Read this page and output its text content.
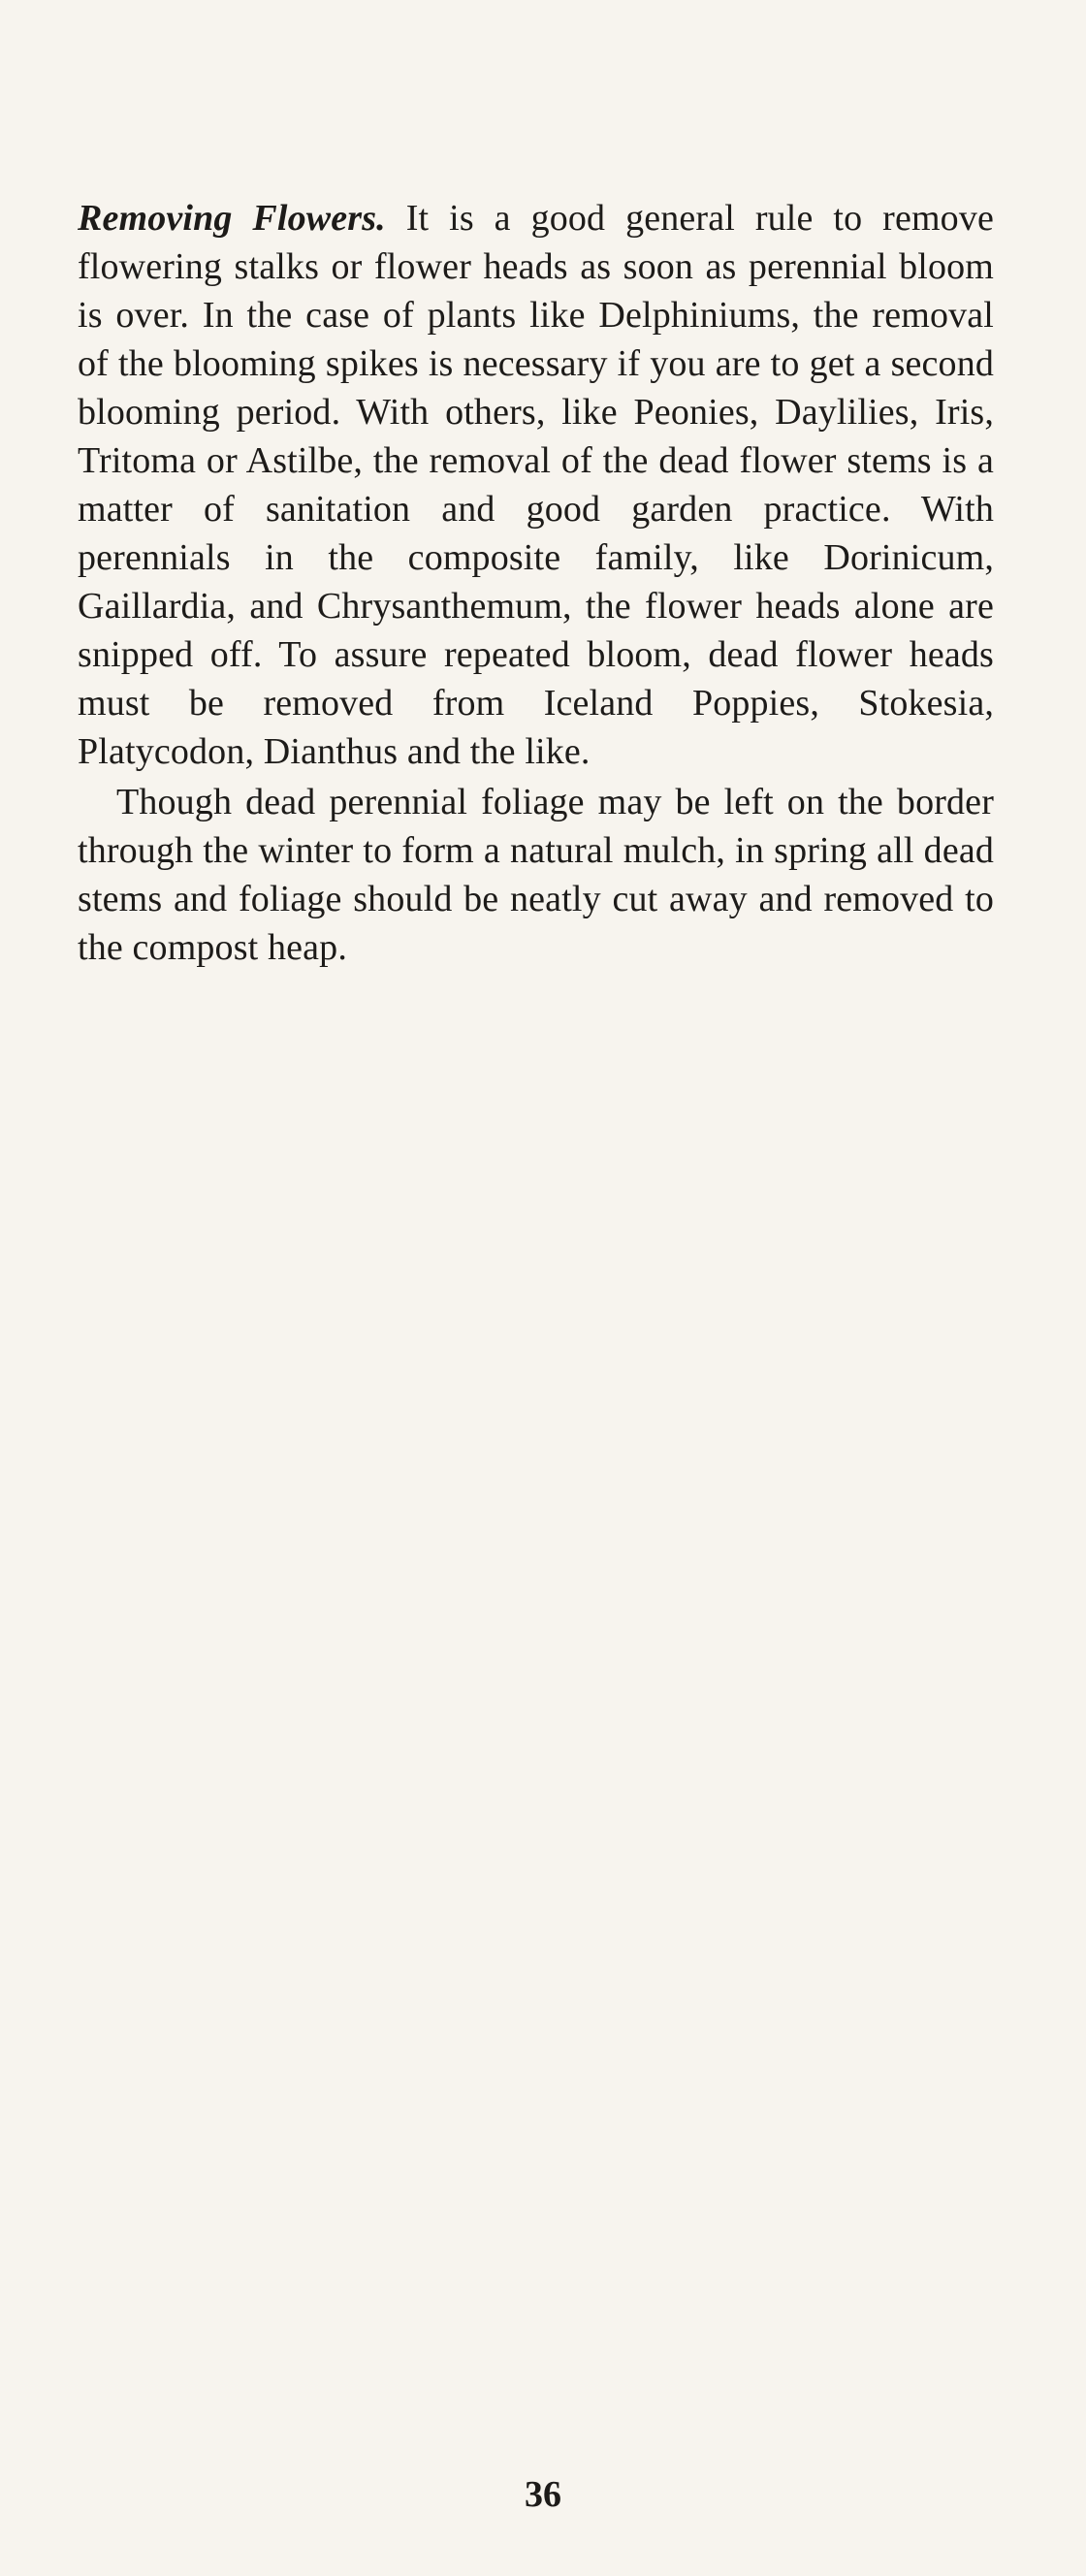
Removing Flowers. It is a good general rule to remove flowering stalks or flower heads as soon as perennial bloom is over. In the case of plants like Delphiniums, the removal of the blooming spikes is necessary if you are to get a second blooming period. With others, like Peonies, Daylilies, Iris, Tritoma or Astilbe, the removal of the dead flower stems is a matter of sanitation and good garden practice. With perennials in the composite family, like Dorinicum, Gaillardia, and Chrysanthemum, the flower heads alone are snipped off. To assure repeated bloom, dead flower heads must be removed from Iceland Poppies, Stokesia, Platycodon, Dianthus and the like.

Though dead perennial foliage may be left on the border through the winter to form a natural mulch, in spring all dead stems and foliage should be neatly cut away and removed to the compost heap.

36
